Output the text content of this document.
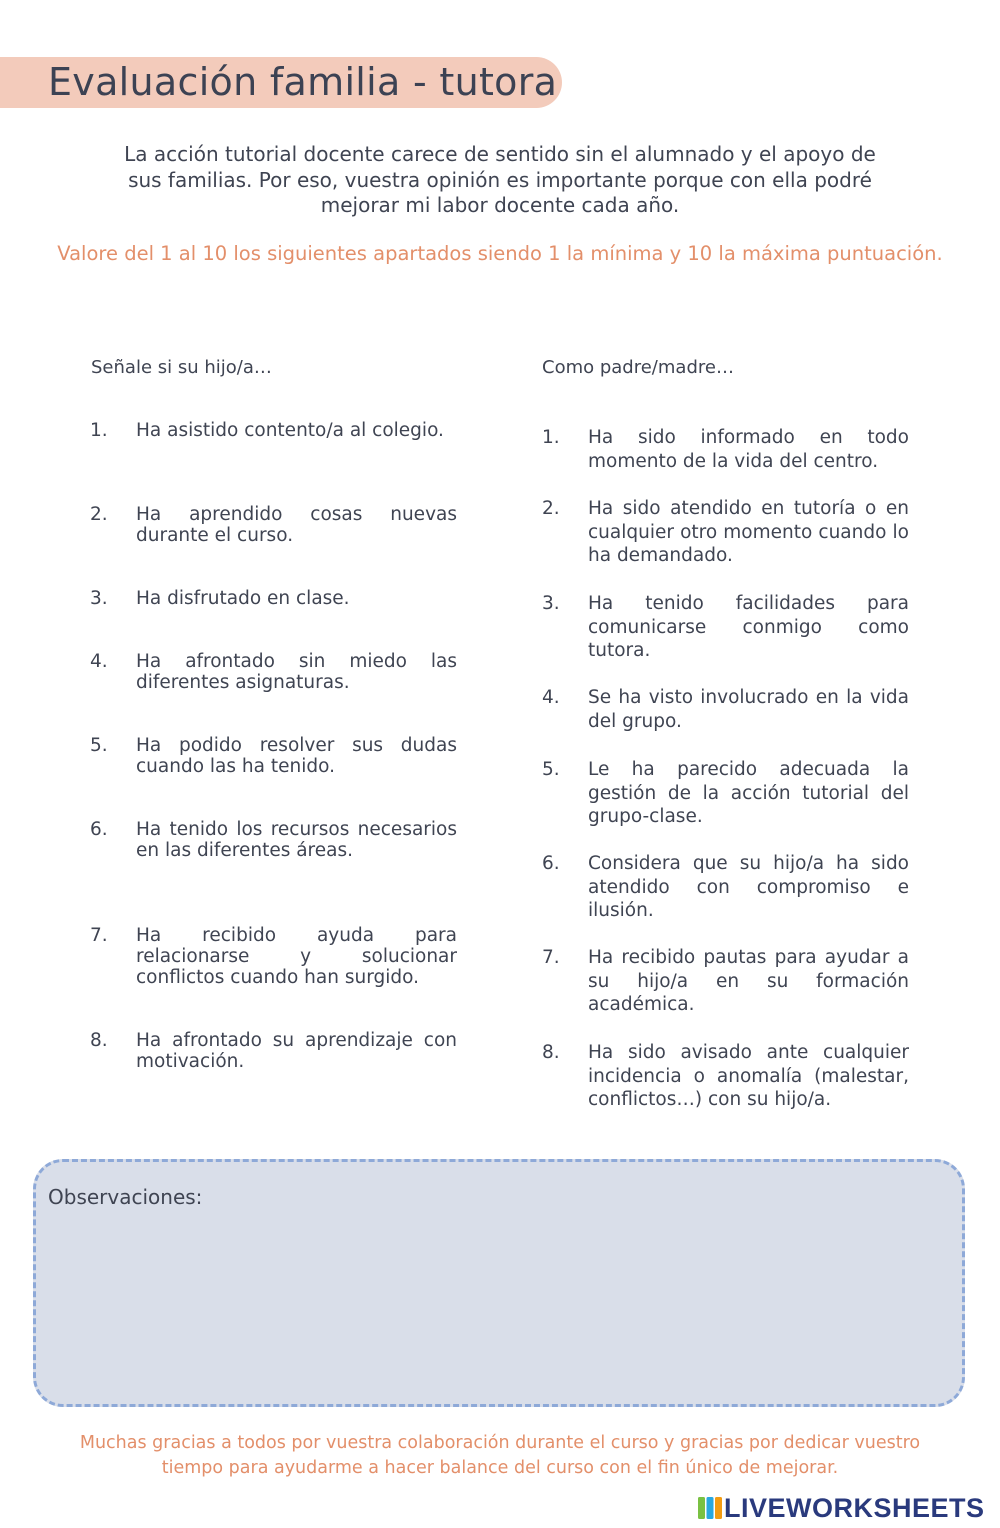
Evaluación familia - tutora

La acción tutorial docente carece de sentido sin el alumnado y el apoyo de sus familias. Por eso, vuestra opinión es importante porque con ella podré mejorar mi labor docente cada año.

Valore del 1 al 10 los siguientes apartados siendo 1 la mínima y 10 la máxima puntuación.

Señale si su hijo/a…	Como padre/madre…
1.	Ha asistido contento/a al colegio.
2.	Ha aprendido cosas nuevas durante el curso.
3.	Ha disfrutado en clase.
4.	Ha afrontado sin miedo las diferentes asignaturas.
5.	Ha podido resolver sus dudas cuando las ha tenido.
6.	Ha tenido los recursos necesarios en las diferentes áreas.
7.	Ha recibido ayuda para relacionarse y solucionar conflictos cuando han surgido.
8.	Ha afrontado su aprendizaje con motivación.
1.	Ha sido informado en todo momento de la vida del centro.
2.	Ha sido atendido en tutoría o en cualquier otro momento cuando lo ha demandado.
3.	Ha tenido facilidades para comunicarse conmigo como tutora.
4.	Se ha visto involucrado en la vida del grupo.
5.	Le ha parecido adecuada la gestión de la acción tutorial del grupo-clase.
6.	Considera que su hijo/a ha sido atendido con compromiso e ilusión.
7.	Ha recibido pautas para ayudar a su hijo/a en su formación académica.
8.	Ha sido avisado ante cualquier incidencia o anomalía (malestar, conflictos…) con su hijo/a.

Observaciones:

Muchas gracias a todos por vuestra colaboración durante el curso y gracias por dedicar vuestro tiempo para ayudarme a hacer balance del curso con el fin único de mejorar.

LIVEWORKSHEETS
